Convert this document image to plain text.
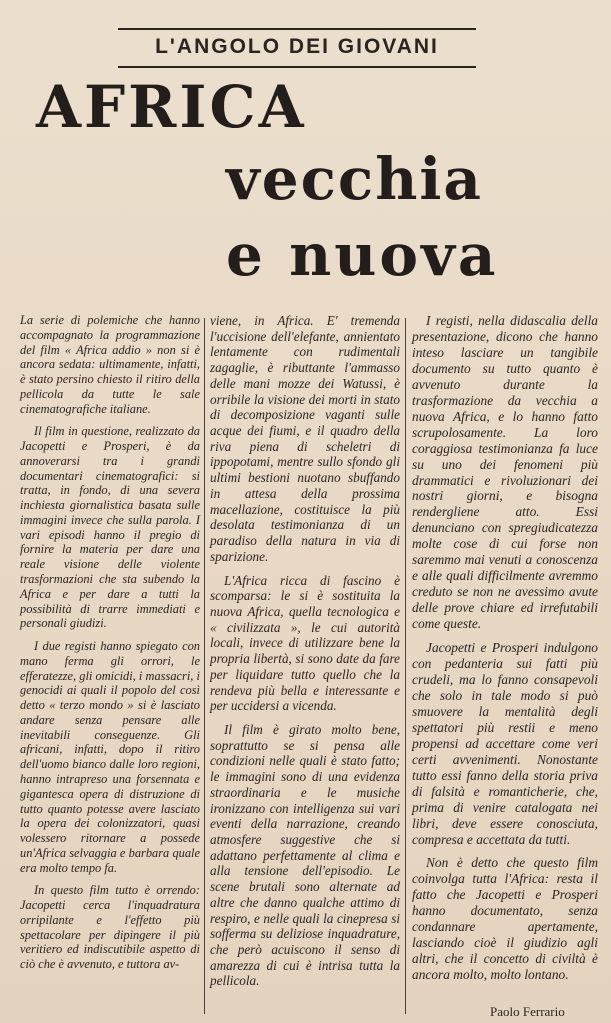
L'ANGOLO DEI GIOVANI
AFRICA
vecchia
e nuova

La serie di polemiche che hanno accompagnato la programmazione del film « Africa addio » non si è ancora sedata: ultimamente, infatti, è stato persino chiesto il ritiro della pellicola da tutte le sale cinematografiche italiane.

Il film in questione, realizzato da Jacopetti e Prosperi, è da annoverarsi tra i grandi documentari cinematografici: si tratta, in fondo, di una severa inchiesta giornalistica basata sulle immagini invece che sulla parola. I vari episodi hanno il pregio di fornire la materia per dare una reale visione delle violente trasformazioni che sta subendo la Africa e per dare a tutti la possibilità di trarre immediati e personali giudizi.

I due registi hanno spiegato con mano ferma gli orrori, le efferatezze, gli omicidi, i massacri, i genocidi ai quali il popolo del così detto « terzo mondo » si è lasciato andare senza pensare alle inevitabili conseguenze. Gli africani, infatti, dopo il ritiro dell'uomo bianco dalle loro regioni, hanno intrapreso una forsennata e gigantesca opera di distruzione di tutto quanto potesse avere lasciato la opera dei colonizzatori, quasi volessero ritornare a possede un'Africa selvaggia e barbara quale era molto tempo fa.

In questo film tutto è orrendo: Jacopetti cerca l'inquadratura orripilante e l'effetto più spettacolare per dipingere il più veritiero ed indiscutibile aspetto di ciò che è avvenuto, e tuttora av-

viene, in Africa. E' tremenda l'uccisione dell'elefante, annientato lentamente con rudimentali zagaglie, è ributtante l'ammasso delle mani mozze dei Watussi, è orribile la visione dei morti in stato di decomposizione vaganti sulle acque dei fiumi, e il quadro della riva piena di scheletri di ippopotami, mentre sullo sfondo gli ultimi bestioni nuotano sbuffando in attesa della prossima macellazione, costituisce la più desolata testimonianza di un paradiso della natura in via di sparizione.

L'Africa ricca di fascino è scomparsa: le si è sostituita la nuova Africa, quella tecnologica e « civilizzata », le cui autorità locali, invece di utilizzare bene la propria libertà, si sono date da fare per liquidare tutto quello che la rendeva più bella e interessante e per uccidersi a vicenda.

Il film è girato molto bene, soprattutto se si pensa alle condizioni nelle quali è stato fatto; le immagini sono di una evidenza straordinaria e le musiche ironizzano con intelligenza sui vari eventi della narrazione, creando atmosfere suggestive che si adattano perfettamente al clima e alla tensione dell'episodio. Le scene brutali sono alternate ad altre che danno qualche attimo di respiro, e nelle quali la cinepresa si sofferma su deliziose inquadrature, che però acuiscono il senso di amarezza di cui è intrisa tutta la pellicola.

I registi, nella didascalia della presentazione, dicono che hanno inteso lasciare un tangibile documento su tutto quanto è avvenuto durante la trasformazione da vecchia a nuova Africa, e lo hanno fatto scrupolosamente. La loro coraggiosa testimonianza fa luce su uno dei fenomeni più drammatici e rivoluzionari dei nostri giorni, e bisogna rendergliene atto. Essi denunciano con spregiudicatezza molte cose di cui forse non saremmo mai venuti a conoscenza e alle quali difficilmente avremmo creduto se non ne avessimo avute delle prove chiare ed irrefutabili come queste.

Jacopetti e Prosperi indulgono con pedanteria sui fatti più crudeli, ma lo fanno consapevoli che solo in tale modo si può smuovere la mentalità degli spettatori più restii e meno propensi ad accettare come veri certi avvenimenti. Nonostante tutto essi fanno della storia priva di falsità e romanticherie, che, prima di venire catalogata nei libri, deve essere conosciuta, compresa e accettata da tutti.

Non è detto che questo film coinvolga tutta l'Africa: resta il fatto che Jacopetti e Prosperi hanno documentato, senza condannare apertamente, lasciando cioè il giudizio agli altri, che il concetto di civiltà è ancora molto, molto lontano.

Paolo Ferrario
